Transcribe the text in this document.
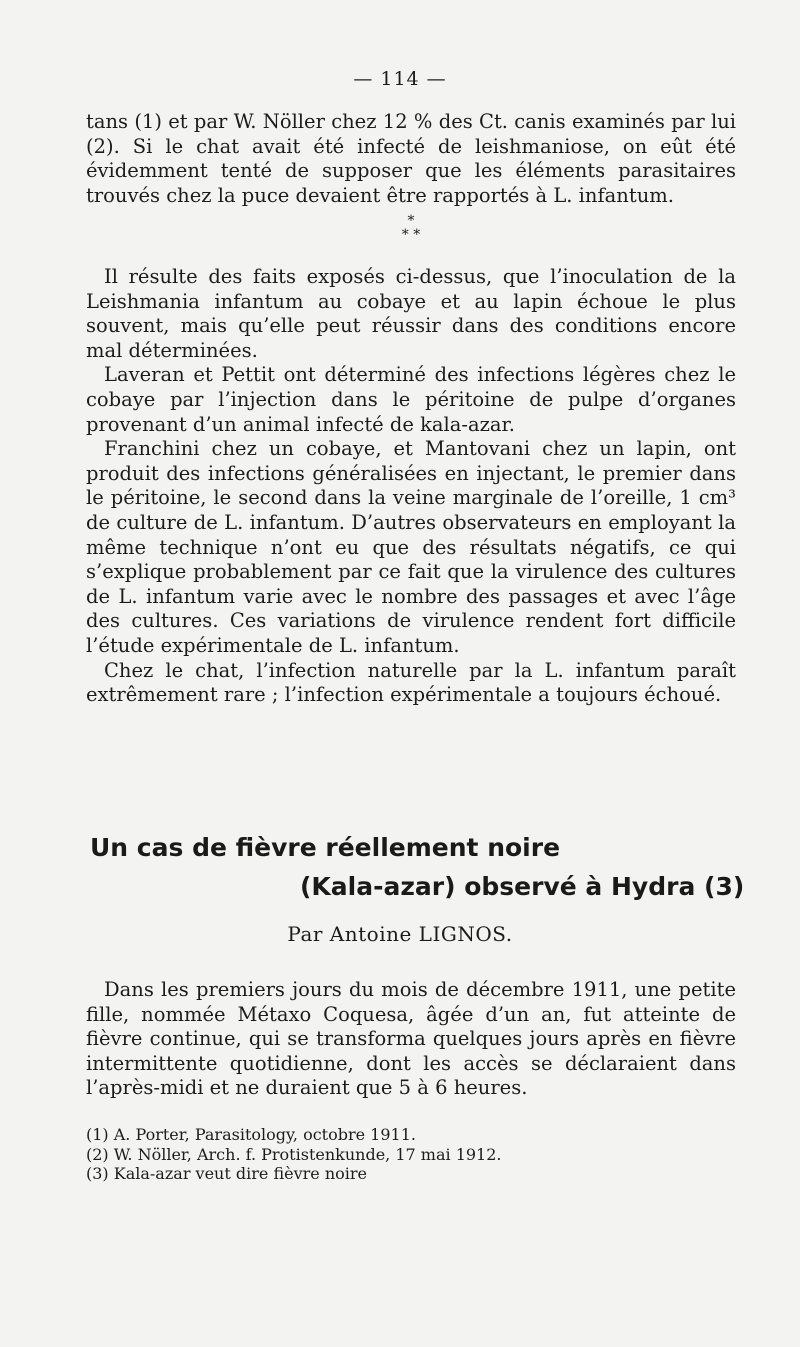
— 114 —

tans (1) et par W. Nöller chez 12 % des Ct. canis examinés par lui (2). Si le chat avait été infecté de leishmaniose, on eût été évidemment tenté de supposer que les éléments parasitaires trouvés chez la puce devaient être rapportés à L. infantum.

*
* *

Il résulte des faits exposés ci-dessus, que l’inoculation de la Leishmania infantum au cobaye et au lapin échoue le plus souvent, mais qu’elle peut réussir dans des conditions encore mal déterminées.

Laveran et Pettit ont déterminé des infections légères chez le cobaye par l’injection dans le péritoine de pulpe d’organes provenant d’un animal infecté de kala-azar.

Franchini chez un cobaye, et Mantovani chez un lapin, ont produit des infections généralisées en injectant, le premier dans le péritoine, le second dans la veine marginale de l’oreille, 1 cm³ de culture de L. infantum. D’autres observateurs en employant la même technique n’ont eu que des résultats négatifs, ce qui s’explique probablement par ce fait que la virulence des cultures de L. infantum varie avec le nombre des passages et avec l’âge des cultures. Ces variations de virulence rendent fort difficile l’étude expérimentale de L. infantum.

Chez le chat, l’infection naturelle par la L. infantum paraît extrêmement rare ; l’infection expérimentale a toujours échoué.

Un cas de fièvre réellement noire
(Kala-azar) observé à Hydra (3)
Par Antoine LIGNOS.

Dans les premiers jours du mois de décembre 1911, une petite fille, nommée Métaxo Coquesa, âgée d’un an, fut atteinte de fièvre continue, qui se transforma quelques jours après en fièvre intermittente quotidienne, dont les accès se déclaraient dans l’après-midi et ne duraient que 5 à 6 heures.

(1) A. Porter, Parasitology, octobre 1911.
(2) W. Nöller, Arch. f. Protistenkunde, 17 mai 1912.
(3) Kala-azar veut dire fièvre noire
